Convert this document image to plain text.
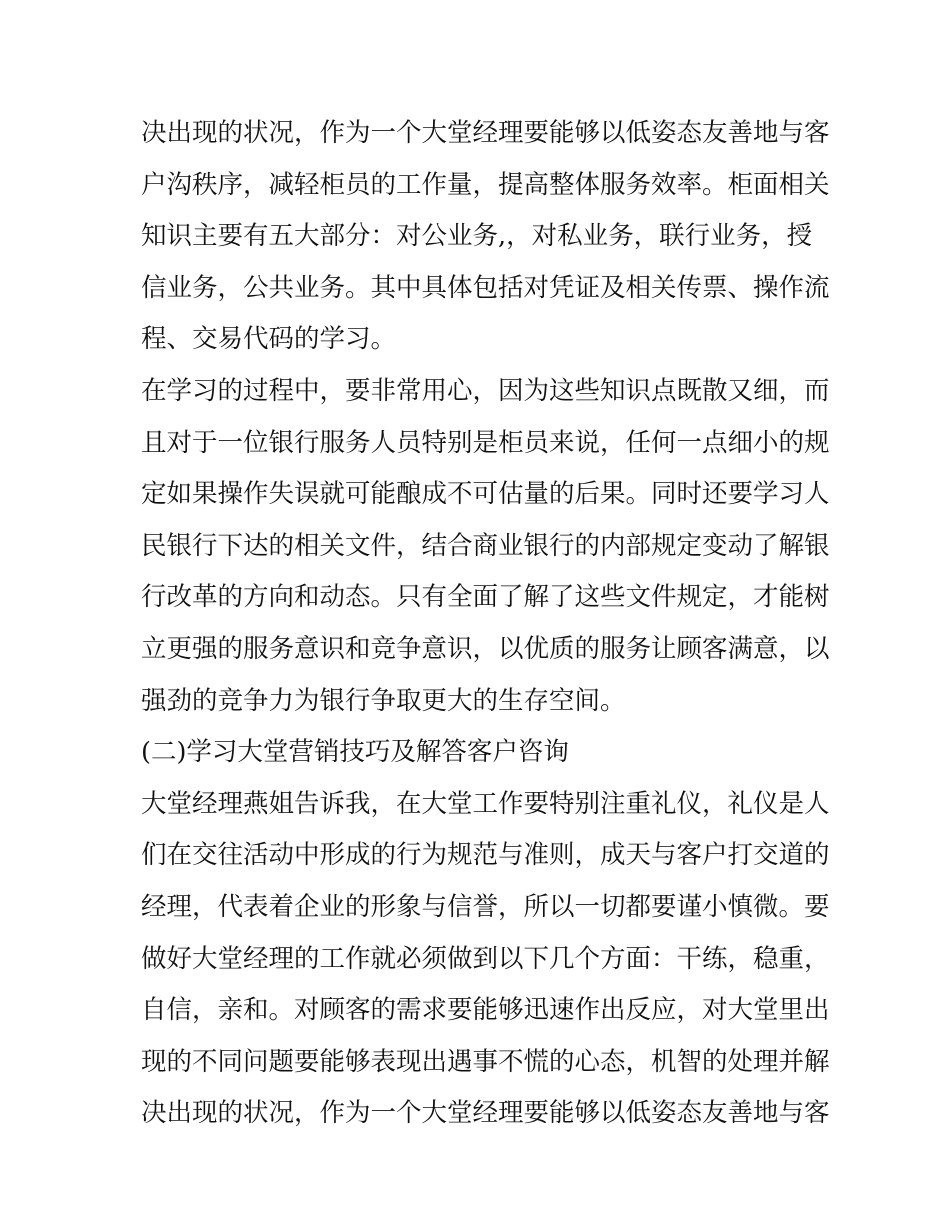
决出现的状况，作为一个大堂经理要能够以低姿态友善地与客
户沟秩序，减轻柜员的工作量，提高整体服务效率。柜面相关
知识主要有五大部分：对公业务,，对私业务，联行业务，授
信业务，公共业务。其中具体包括对凭证及相关传票、操作流
程、交易代码的学习。
在学习的过程中，要非常用心，因为这些知识点既散又细，而
且对于一位银行服务人员特别是柜员来说，任何一点细小的规
定如果操作失误就可能酿成不可估量的后果。同时还要学习人
民银行下达的相关文件，结合商业银行的内部规定变动了解银
行改革的方向和动态。只有全面了解了这些文件规定，才能树
立更强的服务意识和竞争意识，以优质的服务让顾客满意，以
强劲的竞争力为银行争取更大的生存空间。
(二)学习大堂营销技巧及解答客户咨询
大堂经理燕姐告诉我，在大堂工作要特别注重礼仪，礼仪是人
们在交往活动中形成的行为规范与准则，成天与客户打交道的
经理，代表着企业的形象与信誉，所以一切都要谨小慎微。要
做好大堂经理的工作就必须做到以下几个方面：干练，稳重，
自信，亲和。对顾客的需求要能够迅速作出反应，对大堂里出
现的不同问题要能够表现出遇事不慌的心态，机智的处理并解
决出现的状况，作为一个大堂经理要能够以低姿态友善地与客
